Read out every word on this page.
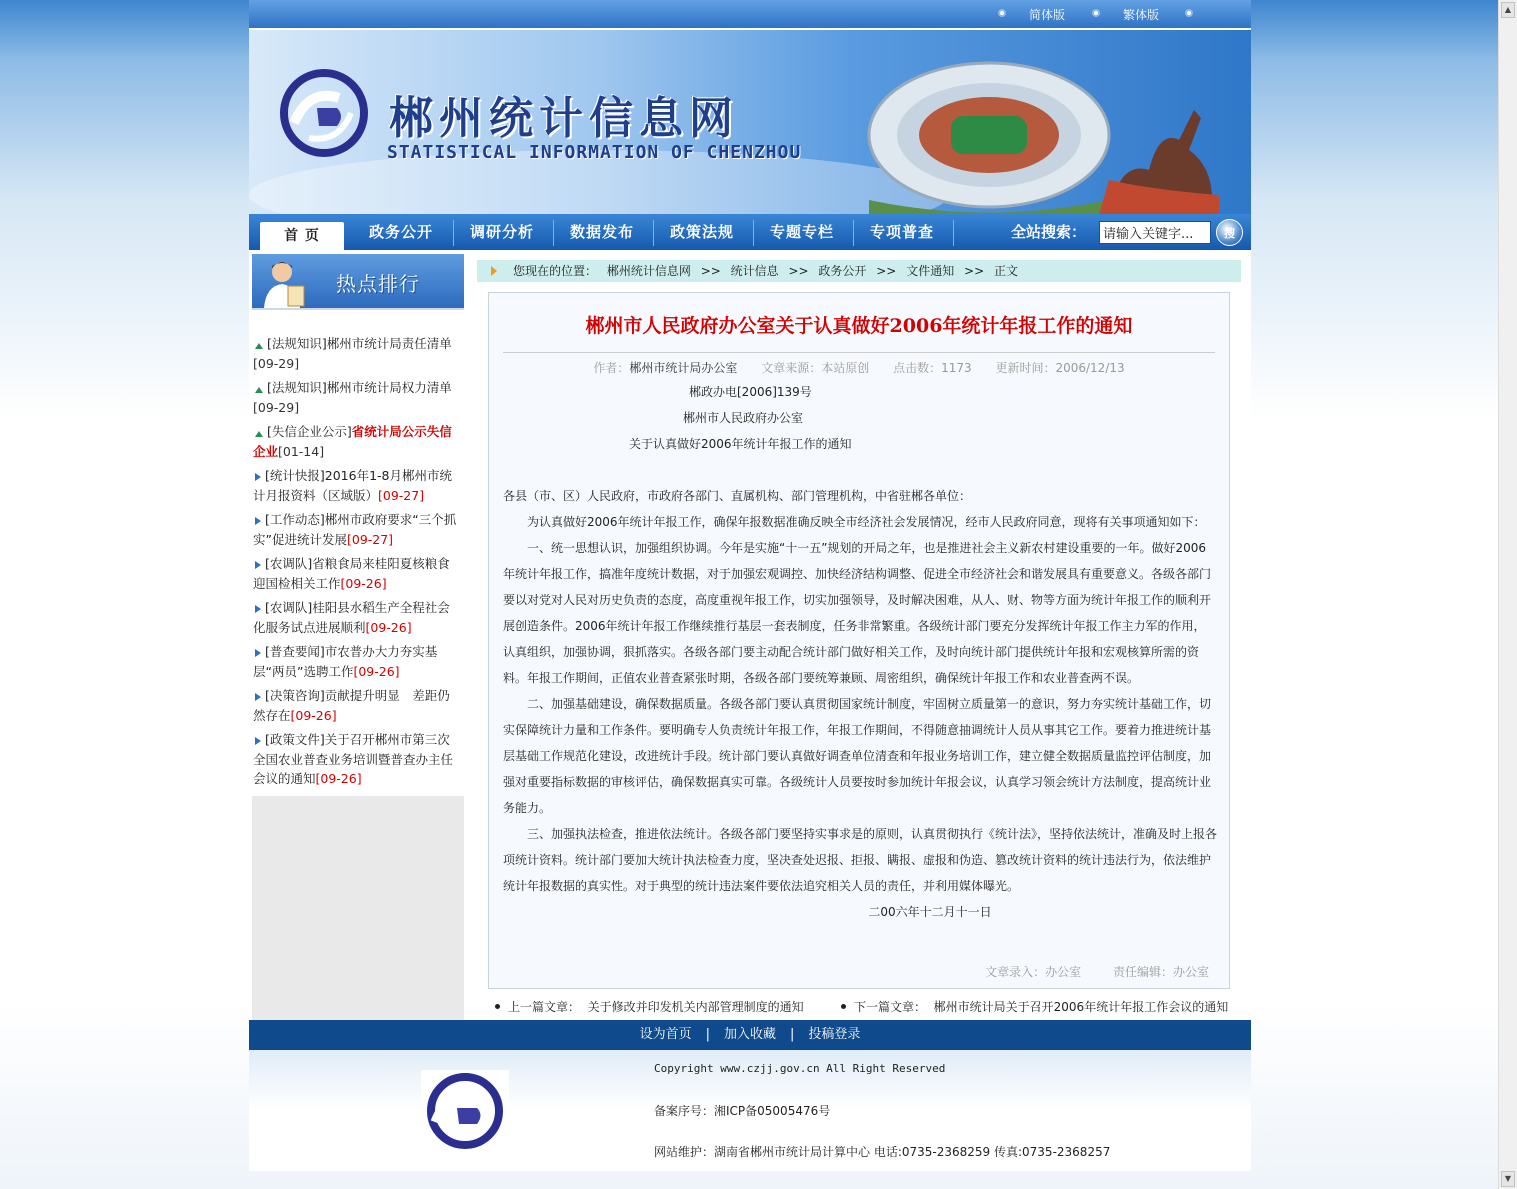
简体版	繁体版
郴州统计信息网
STATISTICAL INFORMATION OF CHENZHOU
首 页	政务公开	调研分析	数据发布	政策法规	专题专栏	专项普查	全站搜索：
请输入关键字...	搜
热点排行
[法规知识]郴州市统计局责任清单[09-29]
[法规知识]郴州市统计局权力清单[09-29]
[失信企业公示]省统计局公示失信企业[01-14]
[统计快报]2016年1-8月郴州市统计月报资料（区域版）[09-27]
[工作动态]郴州市政府要求“三个抓实”促进统计发展[09-27]
[农调队]省粮食局来桂阳夏核粮食迎国检相关工作[09-26]
[农调队]桂阳县水稻生产全程社会化服务试点进展顺利[09-26]
[普查要闻]市农普办大力夯实基层“两员”选聘工作[09-26]
[决策咨询]贡献提升明显　差距仍然存在[09-26]
[政策文件]关于召开郴州市第三次全国农业普查业务培训暨普查办主任会议的通知[09-26]
您现在的位置： 郴州统计信息网 >> 统计信息 >> 政务公开 >> 文件通知 >> 正文
郴州市人民政府办公室关于认真做好2006年统计年报工作的通知
作者：郴州市统计局办公室 文章来源：本站原创 点击数：1173 更新时间：2006/12/13
郴政办电[2006]139号
郴州市人民政府办公室
关于认真做好2006年统计年报工作的通知

各县（市、区）人民政府，市政府各部门、直属机构、部门管理机构，中省驻郴各单位：

为认真做好2006年统计年报工作，确保年报数据准确反映全市经济社会发展情况，经市人民政府同意，现将有关事项通知如下：

一、统一思想认识，加强组织协调。今年是实施“十一五”规划的开局之年，也是推进社会主义新农村建设重要的一年。做好2006年统计年报工作，搞准年度统计数据，对于加强宏观调控、加快经济结构调整、促进全市经济社会和谐发展具有重要意义。各级各部门要以对党对人民对历史负责的态度，高度重视年报工作，切实加强领导，及时解决困难，从人、财、物等方面为统计年报工作的顺利开展创造条件。2006年统计年报工作继续推行基层一套表制度，任务非常繁重。各级统计部门要充分发挥统计年报工作主力军的作用，认真组织，加强协调，狠抓落实。各级各部门要主动配合统计部门做好相关工作，及时向统计部门提供统计年报和宏观核算所需的资料。年报工作期间，正值农业普查紧张时期，各级各部门要统筹兼顾、周密组织，确保统计年报工作和农业普查两不误。

二、加强基础建设，确保数据质量。各级各部门要认真贯彻国家统计制度，牢固树立质量第一的意识，努力夯实统计基础工作，切实保障统计力量和工作条件。要明确专人负责统计年报工作，年报工作期间，不得随意抽调统计人员从事其它工作。要着力推进统计基层基础工作规范化建设，改进统计手段。统计部门要认真做好调查单位清查和年报业务培训工作，建立健全数据质量监控评估制度，加强对重要指标数据的审核评估，确保数据真实可靠。各级统计人员要按时参加统计年报会议，认真学习领会统计方法制度，提高统计业务能力。

三、加强执法检查，推进依法统计。各级各部门要坚持实事求是的原则，认真贯彻执行《统计法》，坚持依法统计，准确及时上报各项统计资料。统计部门要加大统计执法检查力度，坚决查处迟报、拒报、瞒报、虚报和伪造、篡改统计资料的统计违法行为，依法维护统计年报数据的真实性。对于典型的统计违法案件要依法追究相关人员的责任，并利用媒体曝光。

二00六年十二月十一日
文章录入：办公室	责任编辑：办公室
上一篇文章： 关于修改并印发机关内部管理制度的通知	下一篇文章： 郴州市统计局关于召开2006年统计年报工作会议的通知
设为首页 | 加入收藏 | 投稿登录
Copyright www.czjj.gov.cn All Right Reserved
备案序号：湘ICP备05005476号
网站维护：湖南省郴州市统计局计算中心 电话:0735-2368259 传真:0735-2368257
▲
▼
